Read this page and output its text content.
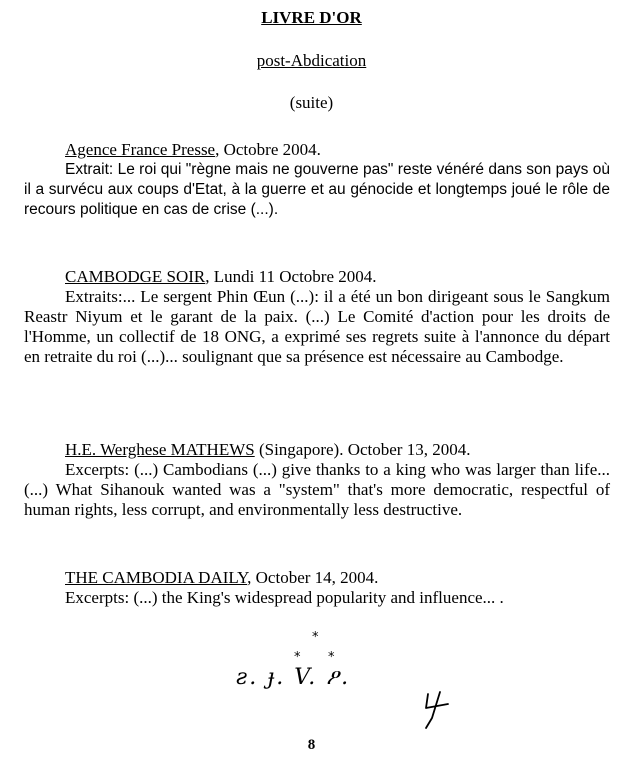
LIVRE D'OR
post-Abdication
(suite)
Agence France Presse, Octobre 2004.
Extrait: Le roi qui "règne mais ne gouverne pas" reste vénéré dans son pays où il a survécu aux coups d'Etat, à la guerre et au génocide et longtemps joué le rôle de recours politique en cas de crise (...).
CAMBODGE SOIR, Lundi 11 Octobre 2004.
Extraits:... Le sergent Phin Œun (...): il a été un bon dirigeant sous le Sangkum Reastr Niyum et le garant de la paix. (...) Le Comité d'action pour les droits de l'Homme, un collectif de 18 ONG, a exprimé ses regrets suite à l'annonce du départ en retraite du roi (...)... soulignant que sa présence est nécessaire au Cambodge.
H.E. Werghese MATHEWS (Singapore). October 13, 2004.
Excerpts: (...) Cambodians (...) give thanks to a king who was larger than life... (...) What Sihanouk wanted was a "system" that's more democratic, respectful of human rights, less corrupt, and environmentally less destructive.
THE CAMBODIA DAILY, October 14, 2004.
Excerpts: (...) the King's widespread popularity and influence... .
*
* *
ƨ. ɟ. V. ዖ.
8
